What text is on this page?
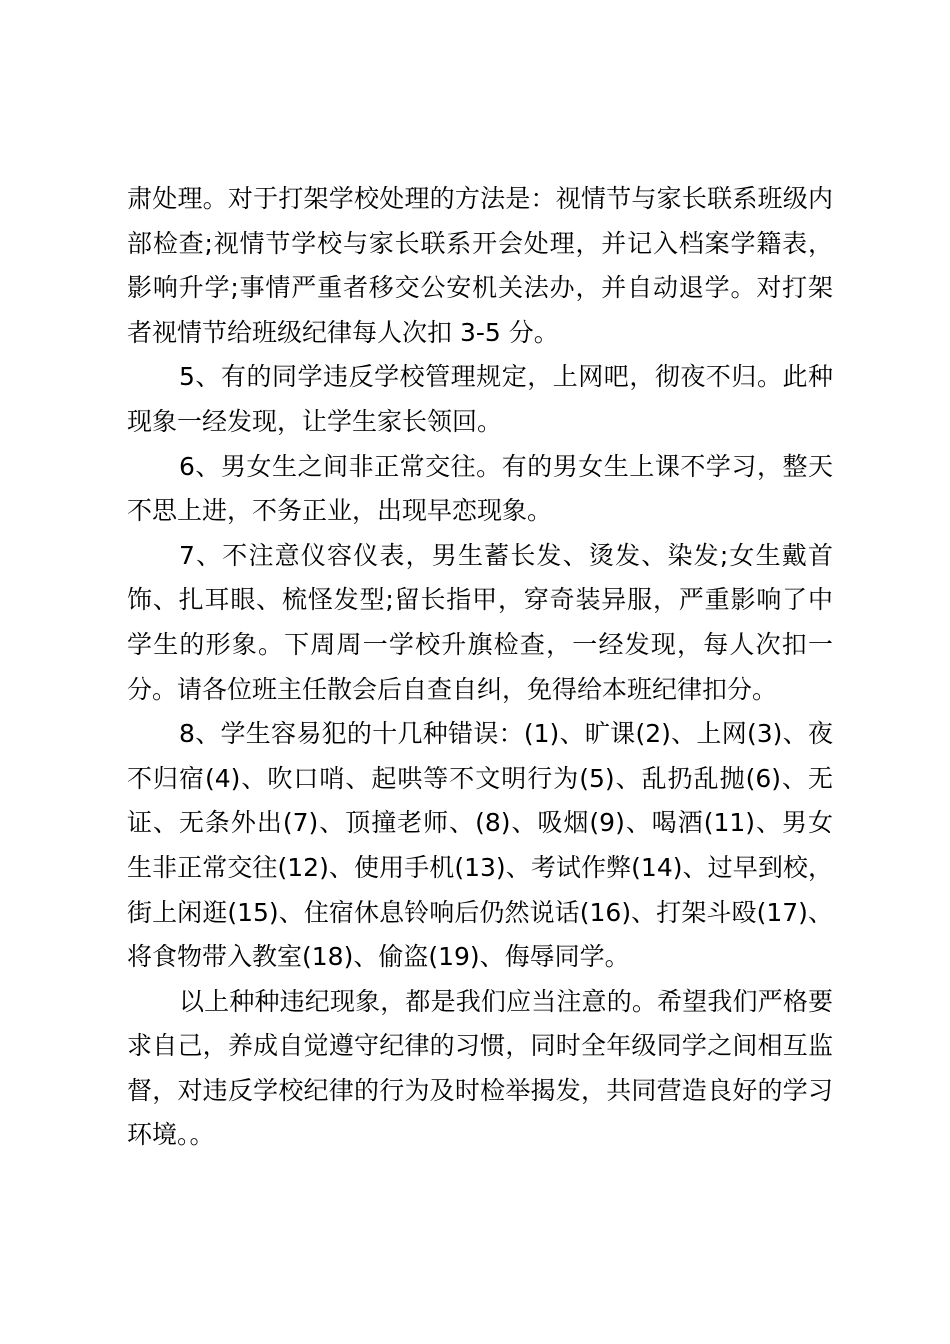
肃处理。对于打架学校处理的方法是：视情节与家长联系班级内部检查;视情节学校与家长联系开会处理，并记入档案学籍表，影响升学;事情严重者移交公安机关法办，并自动退学。对打架者视情节给班级纪律每人次扣 3-5 分。

5、有的同学违反学校管理规定，上网吧，彻夜不归。此种现象一经发现，让学生家长领回。

6、男女生之间非正常交往。有的男女生上课不学习，整天不思上进，不务正业，出现早恋现象。

7、不注意仪容仪表，男生蓄长发、烫发、染发;女生戴首饰、扎耳眼、梳怪发型;留长指甲，穿奇装异服，严重影响了中学生的形象。下周周一学校升旗检查，一经发现，每人次扣一分。请各位班主任散会后自查自纠，免得给本班纪律扣分。

8、学生容易犯的十几种错误：(1)、旷课(2)、上网(3)、夜不归宿(4)、吹口哨、起哄等不文明行为(5)、乱扔乱抛(6)、无证、无条外出(7)、顶撞老师、(8)、吸烟(9)、喝酒(11)、男女生非正常交往(12)、使用手机(13)、考试作弊(14)、过早到校，街上闲逛(15)、住宿休息铃响后仍然说话(16)、打架斗殴(17)、将食物带入教室(18)、偷盗(19)、侮辱同学。

以上种种违纪现象，都是我们应当注意的。希望我们严格要求自己，养成自觉遵守纪律的习惯，同时全年级同学之间相互监督，对违反学校纪律的行为及时检举揭发，共同营造良好的学习环境。。
